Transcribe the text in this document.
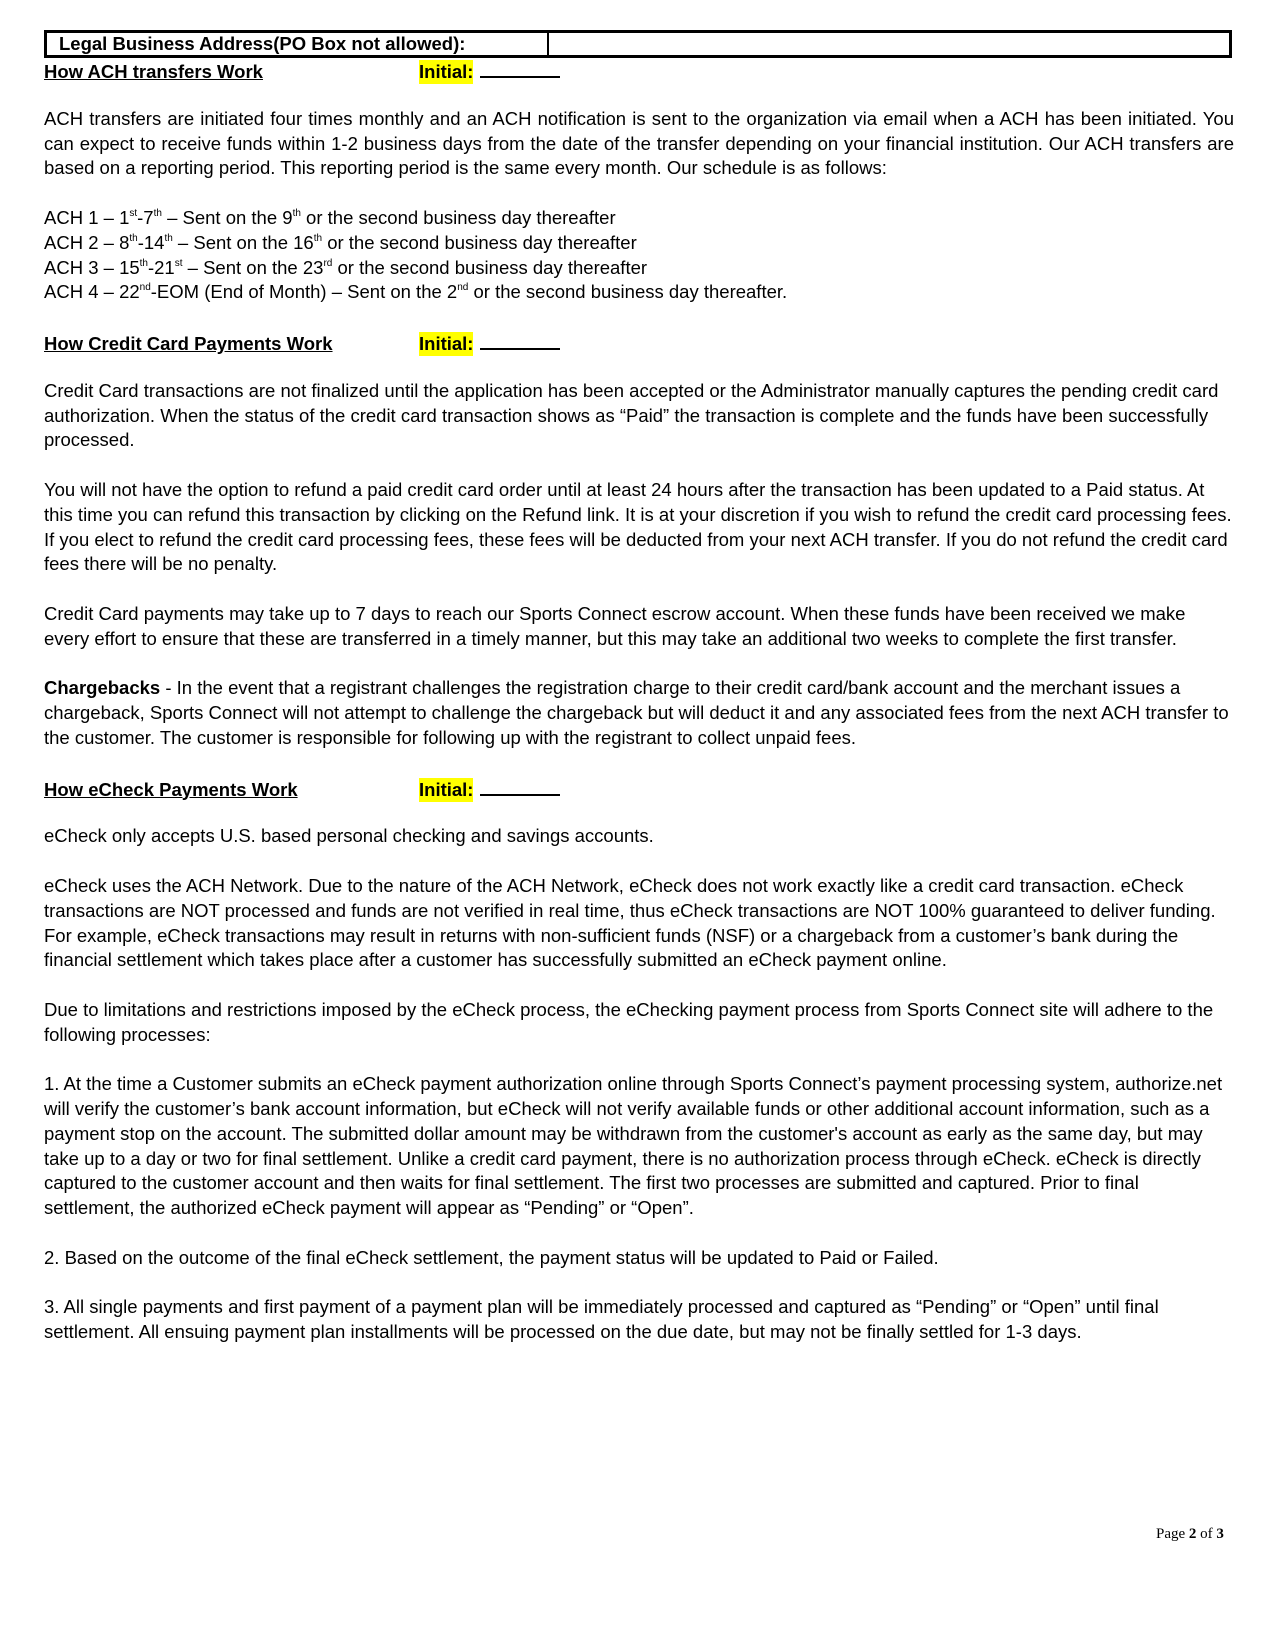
Legal Business Address(PO Box not allowed):
How ACH transfers Work	Initial:

ACH transfers are initiated four times monthly and an ACH notification is sent to the organization via email when a ACH has been initiated. You can expect to receive funds within 1-2 business days from the date of the transfer depending on your financial institution. Our ACH transfers are based on a reporting period. This reporting period is the same every month. Our schedule is as follows:

ACH 1 – 1st-7th – Sent on the 9th or the second business day thereafter

ACH 2 – 8th-14th – Sent on the 16th or the second business day thereafter

ACH 3 – 15th-21st – Sent on the 23rd or the second business day thereafter

ACH 4 – 22nd-EOM (End of Month) – Sent on the 2nd or the second business day thereafter.

How Credit Card Payments Work	Initial:

Credit Card transactions are not finalized until the application has been accepted or the Administrator manually captures the pending credit card authorization. When the status of the credit card transaction shows as “Paid” the transaction is complete and the funds have been successfully processed.

You will not have the option to refund a paid credit card order until at least 24 hours after the transaction has been updated to a Paid status. At this time you can refund this transaction by clicking on the Refund link. It is at your discretion if you wish to refund the credit card processing fees. If you elect to refund the credit card processing fees, these fees will be deducted from your next ACH transfer. If you do not refund the credit card fees there will be no penalty.

Credit Card payments may take up to 7 days to reach our Sports Connect escrow account. When these funds have been received we make every effort to ensure that these are transferred in a timely manner, but this may take an additional two weeks to complete the first transfer.

Chargebacks - In the event that a registrant challenges the registration charge to their credit card/bank account and the merchant issues a chargeback, Sports Connect will not attempt to challenge the chargeback but will deduct it and any associated fees from the next ACH transfer to the customer. The customer is responsible for following up with the registrant to collect unpaid fees.

How eCheck Payments Work	Initial:

eCheck only accepts U.S. based personal checking and savings accounts.

eCheck uses the ACH Network. Due to the nature of the ACH Network, eCheck does not work exactly like a credit card transaction. eCheck transactions are NOT processed and funds are not verified in real time, thus eCheck transactions are NOT 100% guaranteed to deliver funding. For example, eCheck transactions may result in returns with non-sufficient funds (NSF) or a chargeback from a customer’s bank during the financial settlement which takes place after a customer has successfully submitted an eCheck payment online.

Due to limitations and restrictions imposed by the eCheck process, the eChecking payment process from Sports Connect site will adhere to the following processes:

1. At the time a Customer submits an eCheck payment authorization online through Sports Connect’s payment processing system, authorize.net will verify the customer’s bank account information, but eCheck will not verify available funds or other additional account information, such as a payment stop on the account. The submitted dollar amount may be withdrawn from the customer's account as early as the same day, but may take up to a day or two for final settlement. Unlike a credit card payment, there is no authorization process through eCheck. eCheck is directly captured to the customer account and then waits for final settlement. The first two processes are submitted and captured. Prior to final settlement, the authorized eCheck payment will appear as “Pending” or “Open”.

2. Based on the outcome of the final eCheck settlement, the payment status will be updated to Paid or Failed.

3. All single payments and first payment of a payment plan will be immediately processed and captured as “Pending” or “Open” until final settlement. All ensuing payment plan installments will be processed on the due date, but may not be finally settled for 1-3 days.

Page 2 of 3
